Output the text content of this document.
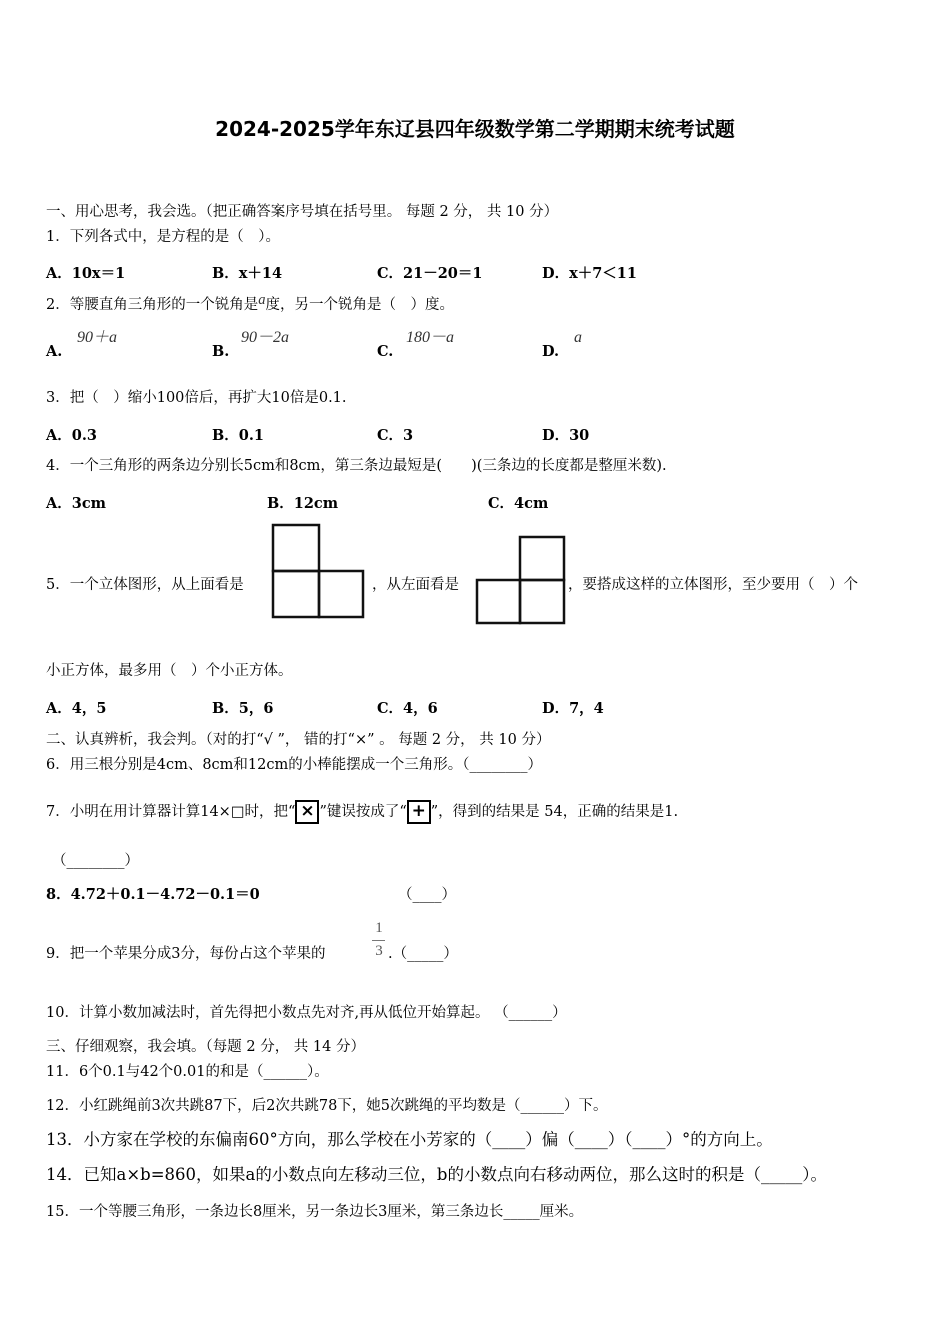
2024-2025学年东辽县四年级数学第二学期期末统考试题
一、用心思考，我会选。（把正确答案序号填在括号里。 每题 2 分， 共 10 分）
1．下列各式中，是方程的是（　）。
A．10x＝1	B．x＋14	C．21－20＝1	D．x＋7＜11
2．等腰直角三角形的一个锐角是a度，另一个锐角是（　）度。
A.
90＋a
B.
90－2a
C.
180－a
D.
a
3．把（　）缩小100倍后，再扩大10倍是0.1.
A．0.3	B．0.1	C．3	D．30
4．一个三角形的两条边分别长5cm和8cm，第三条边最短是(　　)(三条边的长度都是整厘米数).
A．3cm	B．12cm	C．4cm
5．一个立体图形，从上面看是	，从左面看是	，要搭成这样的立体图形，至少要用（　）个
小正方体，最多用（　）个小正方体。
A．4，5	B．5，6	C．4，6	D．7，4
二、认真辨析，我会判。（对的打“√ ”， 错的打“×” 。 每题 2 分， 共 10 分）
6．用三根分别是4cm、8cm和12cm的小棒能摆成一个三角形。（________）
7．小明在用计算器计算14×□时，把“ × ”键误按成了“ + ”，得到的结果是 54，正确的结果是1.
（________）
8．4.72＋0.1－4.72－0.1＝0	（____）
9．把一个苹果分成3分，每份占这个苹果的
1
3 .（_____）
10．计算小数加减法时，首先得把小数点先对齐,再从低位开始算起。 （______）
三、仔细观察，我会填。（每题 2 分， 共 14 分）
11．6个0.1与42个0.01的和是（______）。
12．小红跳绳前3次共跳87下，后2次共跳78下，她5次跳绳的平均数是（______）下。
13．小方家在学校的东偏南60°方向，那么学校在小芳家的（____）偏（____）（____）°的方向上。
14．已知a×b=860，如果a的小数点向左移动三位，b的小数点向右移动两位，那么这时的积是（_____）。
15．一个等腰三角形，一条边长8厘米，另一条边长3厘米，第三条边长_____厘米。
